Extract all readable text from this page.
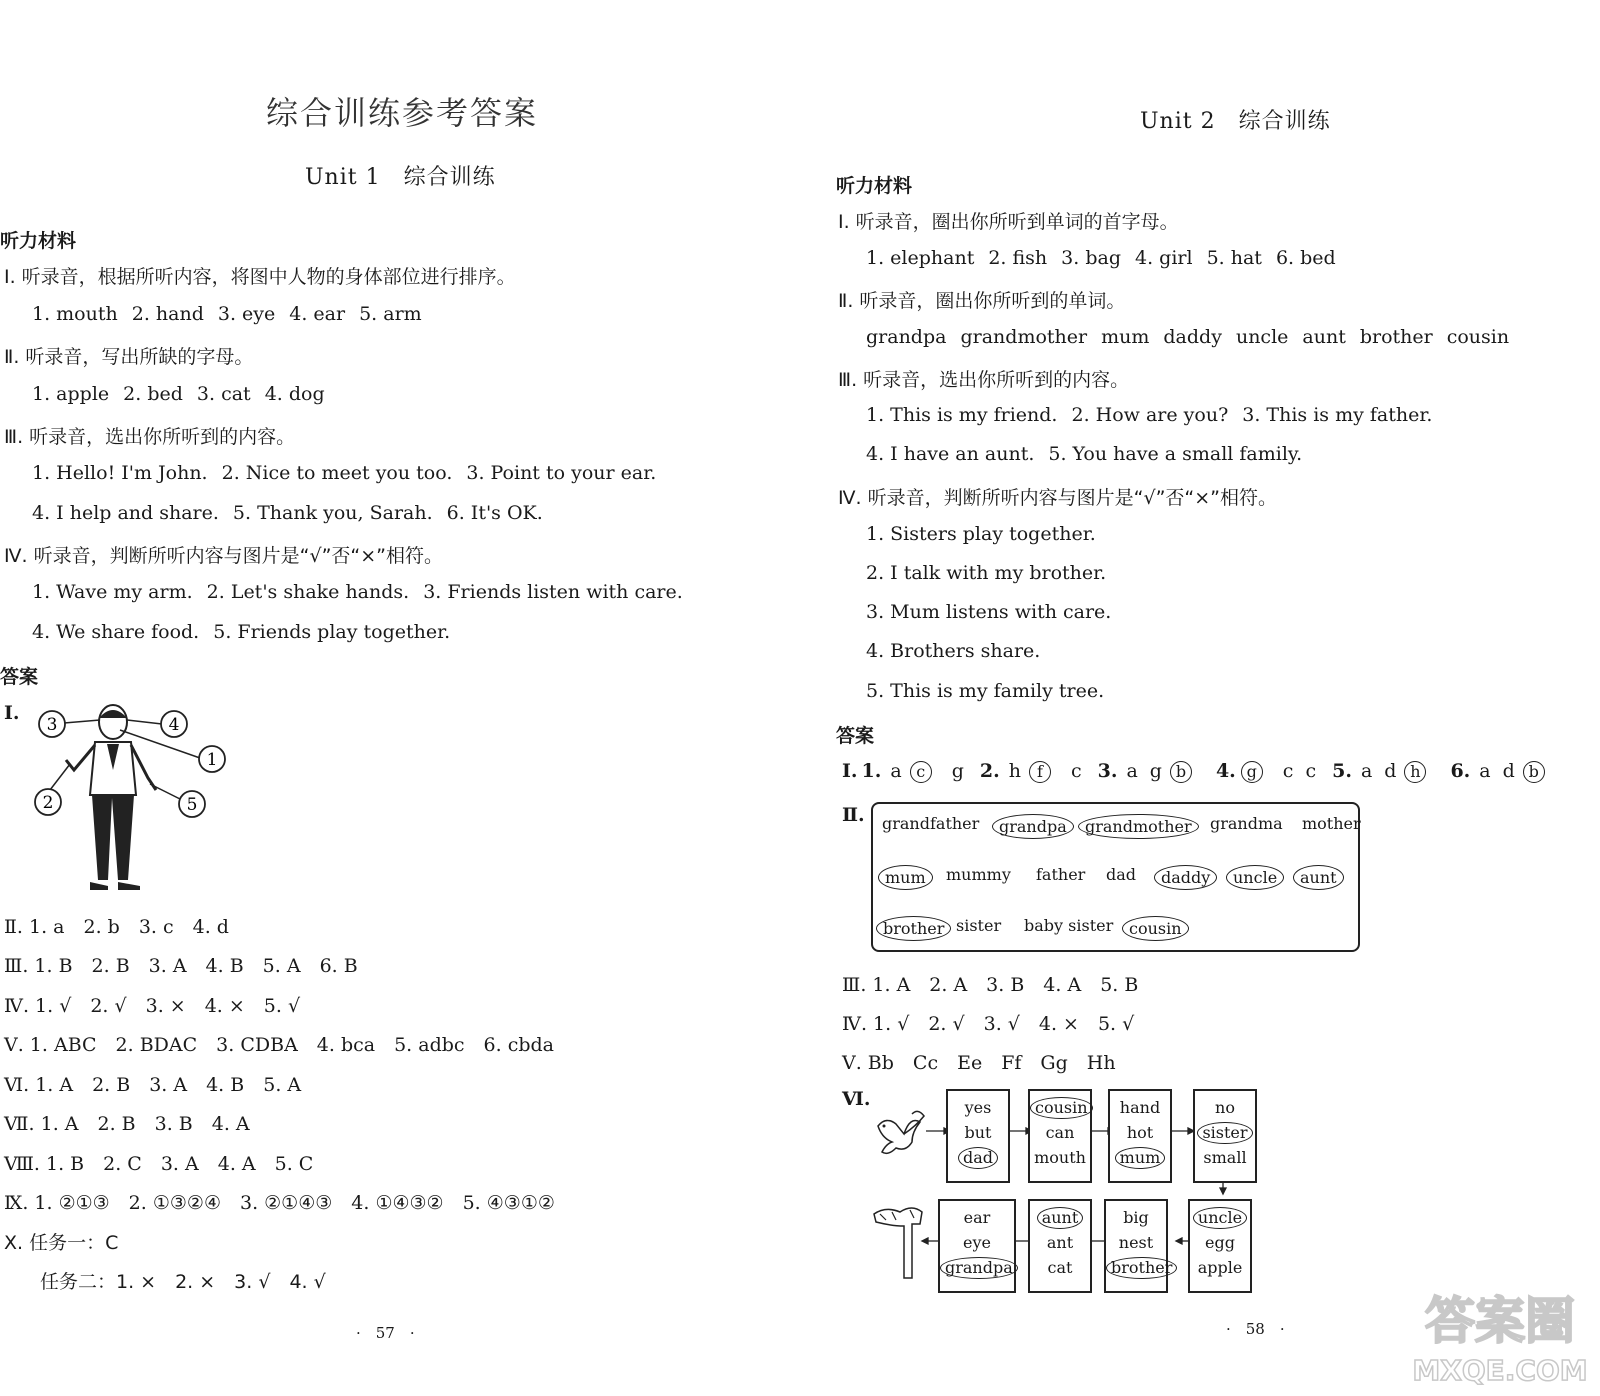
综合训练参考答案
Unit 1　综合训练
听力材料
Ⅰ. 听录音，根据所听内容，将图中人物的身体部位进行排序。
1. mouth 2. hand 3. eye 4. ear 5. arm
Ⅱ. 听录音，写出所缺的字母。
1. apple 2. bed 3. cat 4. dog
Ⅲ. 听录音，选出你所听到的内容。
1. Hello! I'm John. 2. Nice to meet you too. 3. Point to your ear.
4. I help and share. 5. Thank you, Sarah. 6. It's OK.
Ⅳ. 听录音，判断所听内容与图片是“√”否“×”相符。
1. Wave my arm. 2. Let's shake hands. 3. Friends listen with care.
4. We share food. 5. Friends play together.
答案
Ⅰ.
3	4
1
2	5
Ⅱ. 1. a　2. b　3. c　4. d
Ⅲ. 1. B　2. B　3. A　4. B　5. A　6. B
Ⅳ. 1. √　2. √　3. ×　4. ×　5. √
Ⅴ. 1. ABC　2. BDAC　3. CDBA　4. bca　5. adbc　6. cbda
Ⅵ. 1. A　2. B　3. A　4. B　5. A
Ⅶ. 1. A　2. B　3. B　4. A
Ⅷ. 1. B　2. C　3. A　4. A　5. C
Ⅸ. 1. ②①③　2. ①③②④　3. ②①④③　4. ①④③②　5. ④③①②
Ⅹ. 任务一：C
任务二：1. ×　2. ×　3. √　4. √
·　57　·
Unit 2　综合训练
听力材料
Ⅰ. 听录音，圈出你所听到单词的首字母。
1. elephant 2. fish 3. bag 4. girl 5. hat 6. bed
Ⅱ. 听录音，圈出你所听到的单词。
grandpa grandmother mum daddy uncle aunt brother cousin
Ⅲ. 听录音，选出你所听到的内容。
1. This is my friend. 2. How are you? 3. This is my father.
4. I have an aunt. 5. You have a small family.
Ⅳ. 听录音，判断所听内容与图片是“√”否“×”相符。
1. Sisters play together.
2. I talk with my brother.
3. Mum listens with care.
4. Brothers share.
5. This is my family tree.
答案
Ⅰ. 1. a c g 2. h f c 3. a g b 4. g c c 5. a d h 6. a d b
Ⅱ. grandfather	grandpa	grandmother	grandma mother
mum	mummy father dad	daddy	uncle	aunt
brother sister baby sister cousin
Ⅲ. 1. A　2. A　3. B　4. A　5. B
Ⅳ. 1. √　2. √　3. √　4. ×　5. √
Ⅴ. Bb　Cc　Ee　Ff　Gg　Hh
Ⅵ.	yes
but
dad
cousin
can
mouth
hand
hot
mum
no
sister
small
ear
eye
grandpa
aunt
ant
cat
big
nest
brother
uncle
egg
apple
·　58　·	答案圈
MXQE.COM
